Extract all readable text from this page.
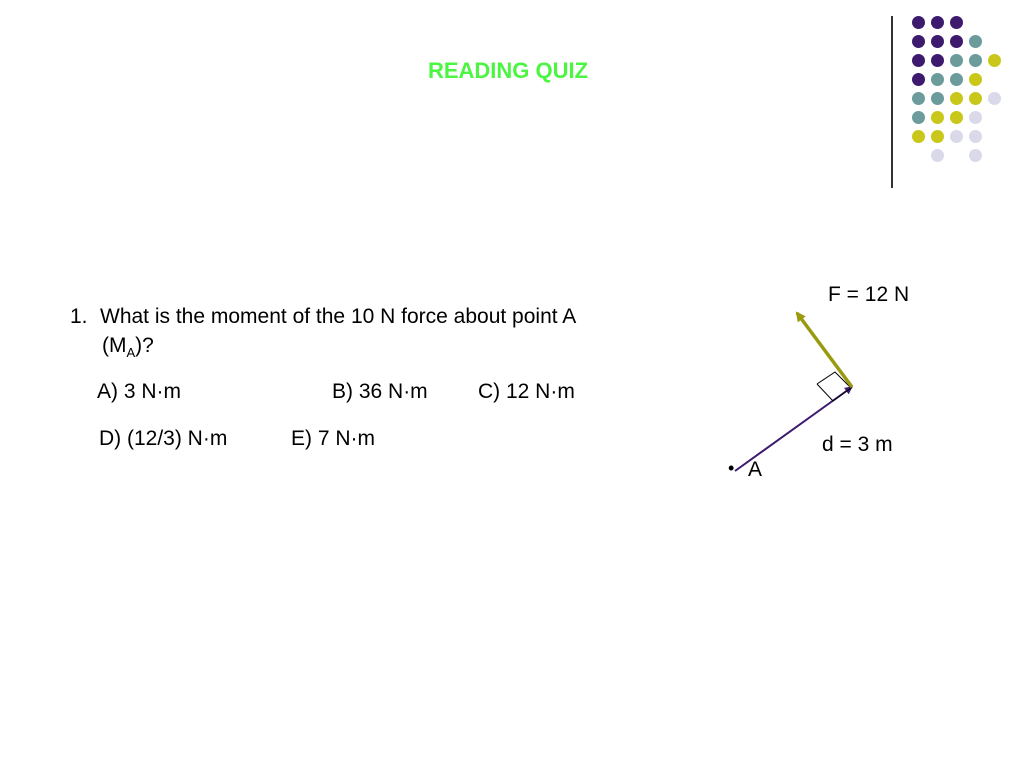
READING QUIZ
1. What is the moment of the 10 N force about point A
$(M_A)$?
A) 3 N·m	B) 36 N·m C) 12 N·m
D) (12/3) N·m	E) 7 N·m
F = 12 N
d = 3 m
• A
